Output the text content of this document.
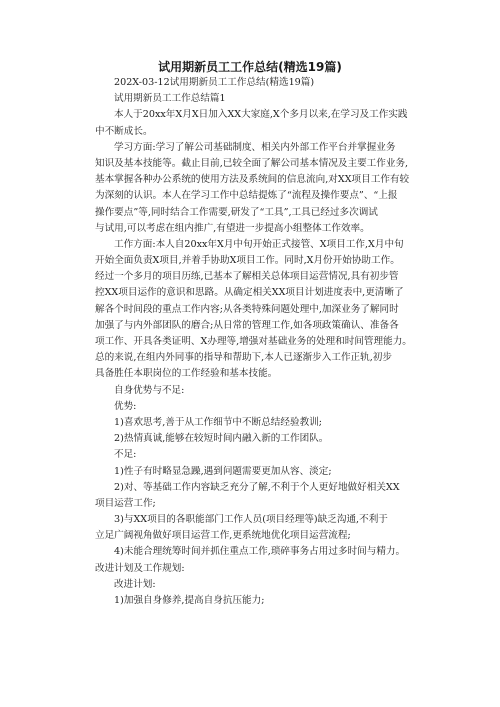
试用期新员工工作总结(精选19篇)
202X-03-12试用期新员工工作总结(精选19篇)
试用期新员工工作总结篇1
本人于20xx年X月X日加入XX大家庭,X个多月以来,在学习及工作实践
中不断成长。
学习方面:学习了解公司基础制度、相关内外部工作平台并掌握业务
知识及基本技能等。截止目前,已较全面了解公司基本情况及主要工作业务,
基本掌握各种办公系统的使用方法及系统间的信息流向,对XX项目工作有较
为深刻的认识。本人在学习工作中总结提炼了“流程及操作要点”、“上报
操作要点”等,同时结合工作需要,研发了“工具”,工具已经过多次调试
与试用,可以考虑在组内推广,有望进一步提高小组整体工作效率。
工作方面:本人自20xx年X月中旬开始正式接管、X项目工作,X月中旬
开始全面负责X项目,并着手协助X项目工作。同时,X月份开始协助工作。
经过一个多月的项目历练,已基本了解相关总体项目运营情况,具有初步管
控XX项目运作的意识和思路。从确定相关XX项目计划进度表中,更清晰了
解各个时间段的重点工作内容;从各类特殊问题处理中,加深业务了解同时
加强了与内外部团队的磨合;从日常的管理工作,如各项政策确认、准备各
项工作、开具各类证明、X办理等,增强对基础业务的处理和时间管理能力。
总的来说,在组内外同事的指导和帮助下,本人已逐渐步入工作正轨,初步
具备胜任本职岗位的工作经验和基本技能。
自身优势与不足:
优势:
1)喜欢思考,善于从工作细节中不断总结经验教训;
2)热情真诚,能够在较短时间内融入新的工作团队。
不足:
1)性子有时略显急躁,遇到问题需要更加从容、淡定;
2)对、等基础工作内容缺乏充分了解,不利于个人更好地做好相关XX
项目运营工作;
3)与XX项目的各职能部门工作人员(项目经理等)缺乏沟通,不利于
立足广阔视角做好项目运营工作,更系统地优化项目运营流程;
4)未能合理统筹时间并抓住重点工作,琐碎事务占用过多时间与精力。
改进计划及工作规划:
改进计划:
1)加强自身修养,提高自身抗压能力;
